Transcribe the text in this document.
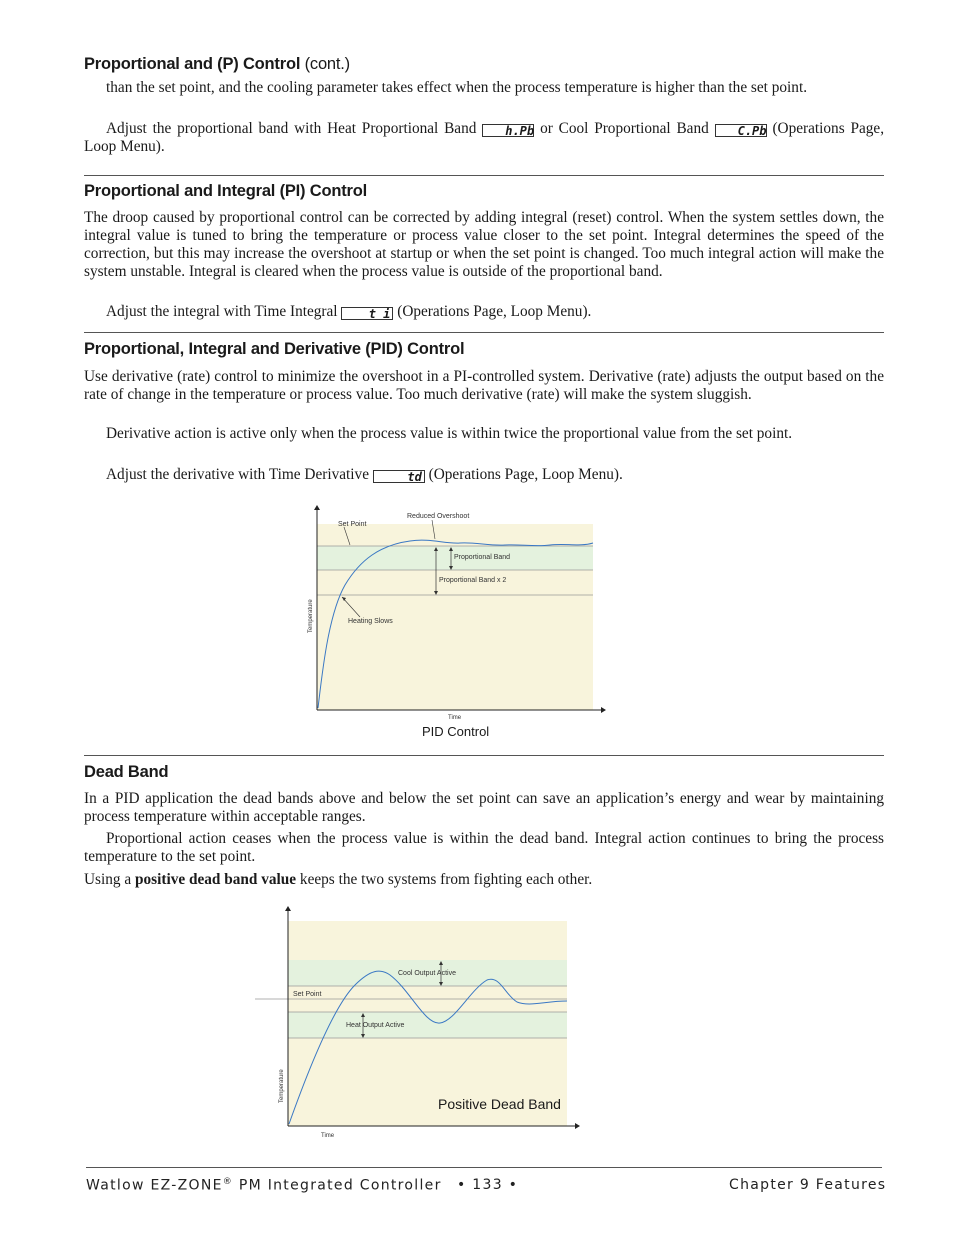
Proportional and (P) Control (cont.)
than the set point, and the cooling parameter takes effect when the process temperature is higher than the set point.
Adjust the proportional band with Heat Proportional Band h.Pb or Cool Proportional Band C.Pb (Operations Page, Loop Menu).
Proportional and Integral (PI) Control
The droop caused by proportional control can be corrected by adding integral (reset) control. When the system settles down, the integral value is tuned to bring the temperature or process value closer to the set point. Integral determines the speed of the correction, but this may increase the overshoot at startup or when the set point is changed. Too much integral action will make the system unstable. Integral is cleared when the process value is outside of the proportional band.
Adjust the integral with Time Integral	t i (Operations Page, Loop Menu).
Proportional, Integral and Derivative (PID) Control
Use derivative (rate) control to minimize the overshoot in a PI-controlled system. Derivative (rate) adjusts the output based on the rate of change in the temperature or process value. Too much derivative (rate) will make the system sluggish.
Derivative action is active only when the process value is within twice the proportional value from the set point.
Adjust the derivative with Time Derivative	td (Operations Page, Loop Menu).
Set Point
Reduced Overshoot
Proportional Band
Proportional Band x 2
Heating Slows
Temperature
Time
PID Control
Dead Band
In a PID application the dead bands above and below the set point can save an application’s energy and wear by maintaining process temperature within acceptable ranges.
Proportional action ceases when the process value is within the dead band. Integral action continues to bring the process temperature to the set point.
Using a positive dead band value keeps the two systems from fighting each other.
Cool Output Active
Heat Output Active
Set Point
Temperature
Time
Positive Dead Band
Watlow EZ-ZONE® PM Integrated Controller • 133 •	Chapter 9 Features
